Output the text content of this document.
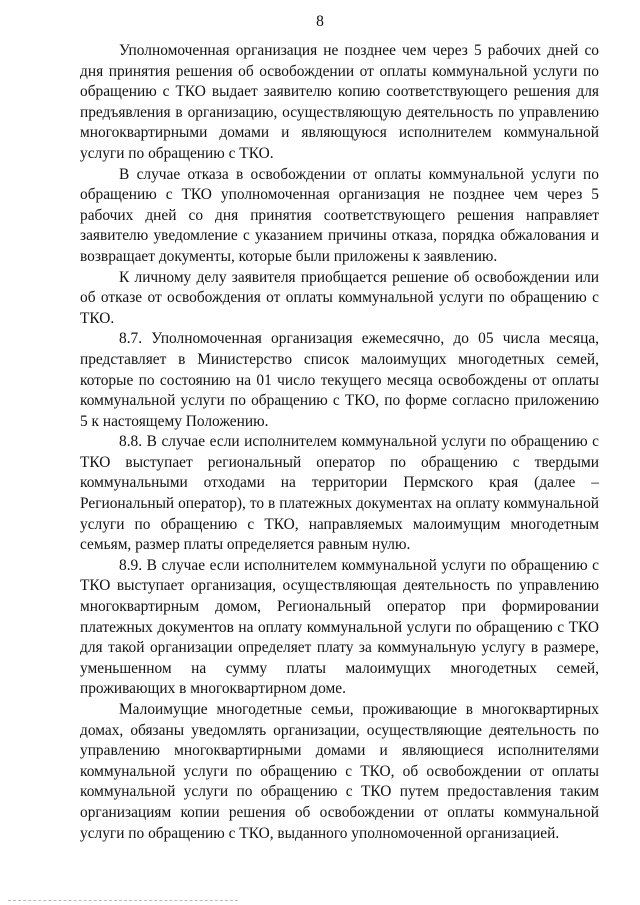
8

Уполномоченная организация не позднее чем через 5 рабочих дней со дня принятия решения об освобождении от оплаты коммунальной услуги по обращению с ТКО выдает заявителю копию соответствующего решения для предъявления в организацию, осуществляющую деятельность по управлению многоквартирными домами и являющуюся исполнителем коммунальной услуги по обращению с ТКО.

В случае отказа в освобождении от оплаты коммунальной услуги по обращению с ТКО уполномоченная организация не позднее чем через 5 рабочих дней со дня принятия соответствующего решения направляет заявителю уведомление с указанием причины отказа, порядка обжалования и возвращает документы, которые были приложены к заявлению.

К личному делу заявителя приобщается решение об освобождении или об отказе от освобождения от оплаты коммунальной услуги по обращению с ТКО.

8.7. Уполномоченная организация ежемесячно, до 05 числа месяца, представляет в Министерство список малоимущих многодетных семей, которые по состоянию на 01 число текущего месяца освобождены от оплаты коммунальной услуги по обращению с ТКО, по форме согласно приложению 5 к настоящему Положению.

8.8. В случае если исполнителем коммунальной услуги по обращению с ТКО выступает региональный оператор по обращению с твердыми коммунальными отходами на территории Пермского края (далее – Региональный оператор), то в платежных документах на оплату коммунальной услуги по обращению с ТКО, направляемых малоимущим многодетным семьям, размер платы определяется равным нулю.

8.9. В случае если исполнителем коммунальной услуги по обращению с ТКО выступает организация, осуществляющая деятельность по управлению многоквартирным домом, Региональный оператор при формировании платежных документов на оплату коммунальной услуги по обращению с ТКО для такой организации определяет плату за коммунальную услугу в размере, уменьшенном на сумму платы малоимущих многодетных семей, проживающих в многоквартирном доме.

Малоимущие многодетные семьи, проживающие в многоквартирных домах, обязаны уведомлять организации, осуществляющие деятельность по управлению многоквартирными домами и являющиеся исполнителями коммунальной услуги по обращению с ТКО, об освобождении от оплаты коммунальной услуги по обращению с ТКО путем предоставления таким организациям копии решения об освобождении от оплаты коммунальной услуги по обращению с ТКО, выданного уполномоченной организацией.
